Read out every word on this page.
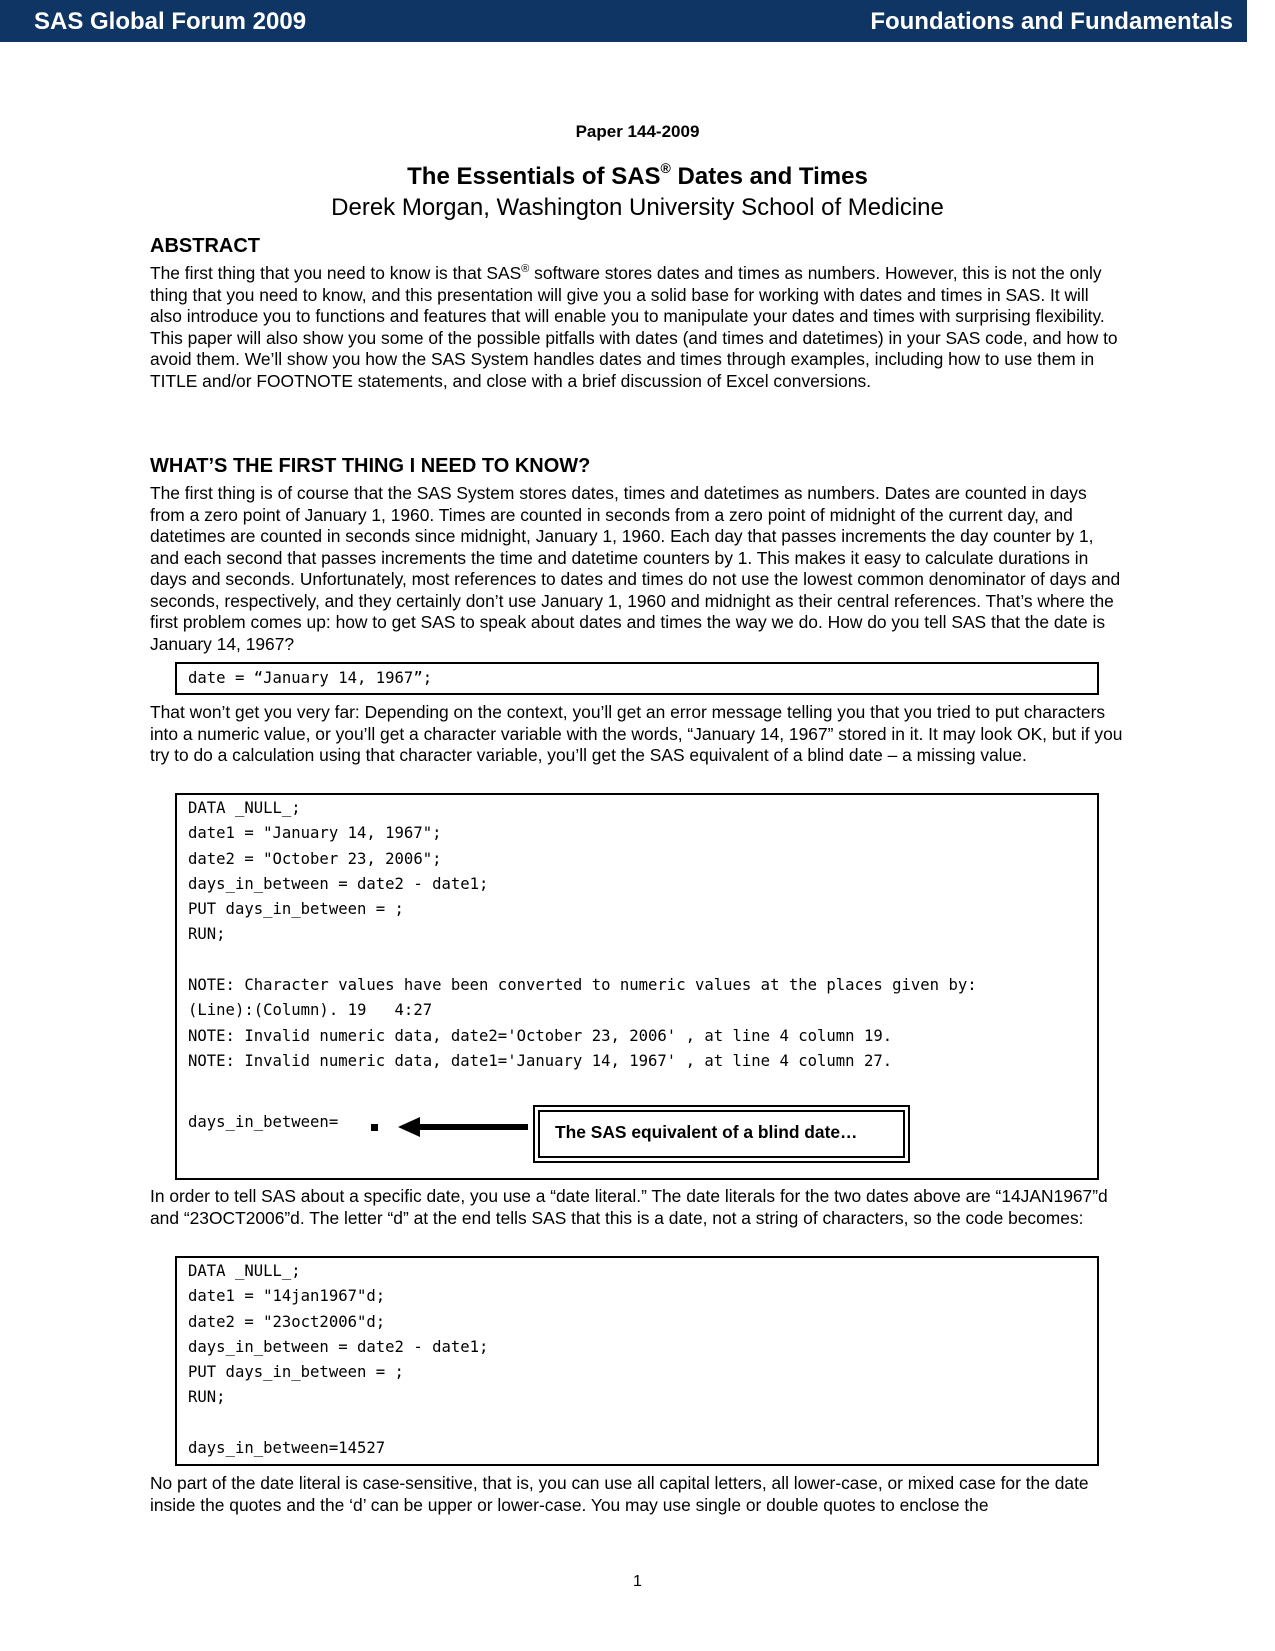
SAS Global Forum 2009	Foundations and Fundamentals
Paper 144-2009
The Essentials of SAS® Dates and Times
Derek Morgan, Washington University School of Medicine
ABSTRACT

The first thing that you need to know is that SAS® software stores dates and times as numbers. However, this is not the only thing that you need to know, and this presentation will give you a solid base for working with dates and times in SAS. It will also introduce you to functions and features that will enable you to manipulate your dates and times with surprising flexibility. This paper will also show you some of the possible pitfalls with dates (and times and datetimes) in your SAS code, and how to avoid them. We’ll show you how the SAS System handles dates and times through examples, including how to use them in TITLE and/or FOOTNOTE statements, and close with a brief discussion of Excel conversions.

WHAT’S THE FIRST THING I NEED TO KNOW?

The first thing is of course that the SAS System stores dates, times and datetimes as numbers. Dates are counted in days from a zero point of January 1, 1960. Times are counted in seconds from a zero point of midnight of the current day, and datetimes are counted in seconds since midnight, January 1, 1960. Each day that passes increments the day counter by 1, and each second that passes increments the time and datetime counters by 1. This makes it easy to calculate durations in days and seconds. Unfortunately, most references to dates and times do not use the lowest common denominator of days and seconds, respectively, and they certainly don’t use January 1, 1960 and midnight as their central references. That’s where the first problem comes up: how to get SAS to speak about dates and times the way we do. How do you tell SAS that the date is January 14, 1967?

date = “January 14, 1967”;

That won’t get you very far: Depending on the context, you’ll get an error message telling you that you tried to put characters into a numeric value, or you’ll get a character variable with the words, “January 14, 1967” stored in it. It may look OK, but if you try to do a calculation using that character variable, you’ll get the SAS equivalent of a blind date – a missing value.

DATA _NULL_;
date1 = "January 14, 1967";
date2 = "October 23, 2006";
days_in_between = date2 - date1;
PUT days_in_between = ;
RUN;
NOTE: Character values have been converted to numeric values at the places given by:
(Line):(Column). 19   4:27
NOTE: Invalid numeric data, date2='October 23, 2006' , at line 4 column 19.
NOTE: Invalid numeric data, date1='January 14, 1967' , at line 4 column 27.
days_in_between=	The SAS equivalent of a blind date…

In order to tell SAS about a specific date, you use a “date literal.” The date literals for the two dates above are “14JAN1967”d and “23OCT2006”d. The letter “d” at the end tells SAS that this is a date, not a string of characters, so the code becomes:

DATA _NULL_;
date1 = "14jan1967"d;
date2 = "23oct2006"d;
days_in_between = date2 - date1;
PUT days_in_between = ;
RUN;
days_in_between=14527

No part of the date literal is case-sensitive, that is, you can use all capital letters, all lower-case, or mixed case for the date inside the quotes and the ‘d’ can be upper or lower-case. You may use single or double quotes to enclose the

1
